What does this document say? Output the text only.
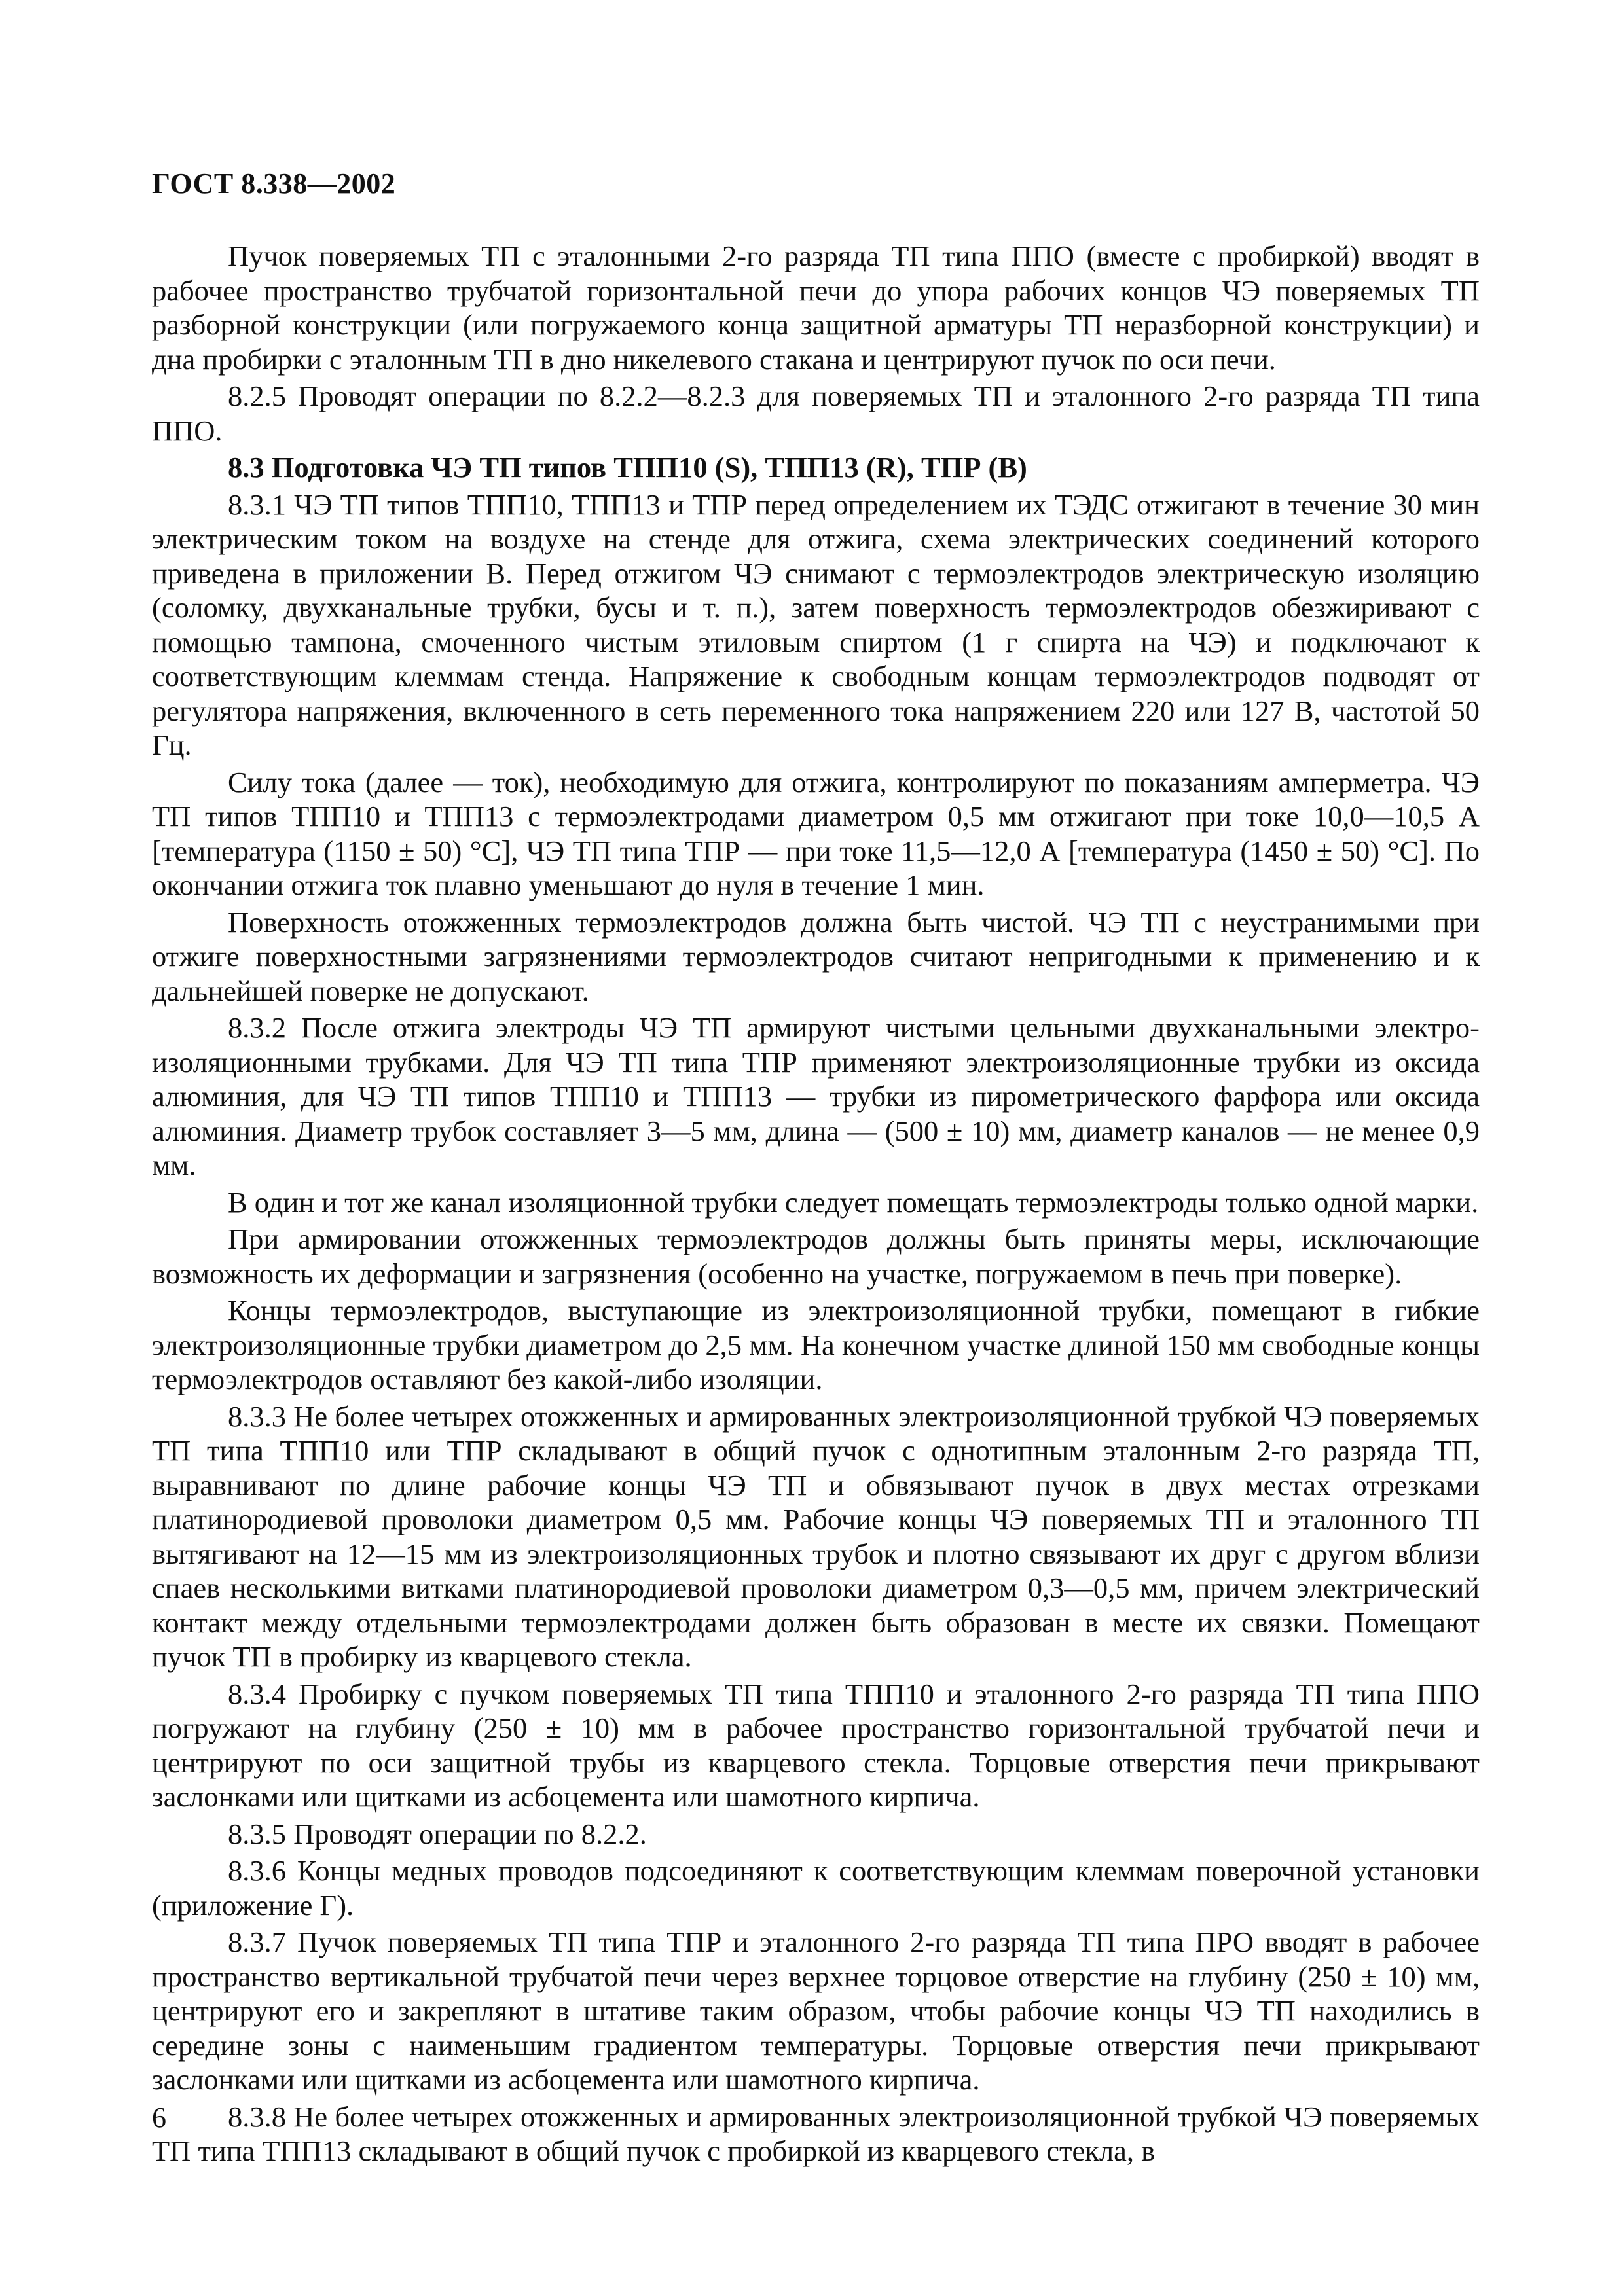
ГОСТ 8.338—2002

Пучок поверяемых ТП с эталонными 2-го разряда ТП типа ППО (вместе с пробиркой) вводят в рабочее пространство трубчатой горизонтальной печи до упора рабочих концов ЧЭ поверяемых ТП разборной конструкции (или погружаемого конца защитной арматуры ТП неразборной конструкции) и дна пробирки с эталонным ТП в дно никелевого стакана и центрируют пучок по оси печи.

8.2.5 Проводят операции по 8.2.2—8.2.3 для поверяемых ТП и эталонного 2-го разряда ТП типа ППО.

8.3 Подготовка ЧЭ ТП типов ТПП10 (S), ТПП13 (R), ТПР (B)

8.3.1 ЧЭ ТП типов ТПП10, ТПП13 и ТПР перед определением их ТЭДС отжигают в течение 30 мин электрическим током на воздухе на стенде для отжига, схема электрических соединений которого приведена в приложении В. Перед отжигом ЧЭ снимают с термоэлектродов электрическую изоляцию (соломку, двухканальные трубки, бусы и т. п.), затем поверхность термоэлектродов обезжиривают с помощью тампона, смоченного чистым этиловым спиртом (1 г спирта на ЧЭ) и подключают к соответствующим клеммам стенда. Напряжение к свободным концам термоэлектродов подводят от регулятора напряжения, включенного в сеть переменного тока напряжением 220 или 127 В, частотой 50 Гц.

Силу тока (далее — ток), необходимую для отжига, контролируют по показаниям амперметра. ЧЭ ТП типов ТПП10 и ТПП13 с термоэлектродами диаметром 0,5 мм отжигают при токе 10,0—10,5 А [температура (1150 ± 50) °С], ЧЭ ТП типа ТПР — при токе 11,5—12,0 А [температура (1450 ± 50) °С]. По окончании отжига ток плавно уменьшают до нуля в течение 1 мин.

Поверхность отожженных термоэлектродов должна быть чистой. ЧЭ ТП с неустранимыми при отжиге поверхностными загрязнениями термоэлектродов считают непригодными к применению и к дальнейшей поверке не допускают.

8.3.2 После отжига электроды ЧЭ ТП армируют чистыми цельными двухканальными электроизоляционными трубками. Для ЧЭ ТП типа ТПР применяют электроизоляционные трубки из оксида алюминия, для ЧЭ ТП типов ТПП10 и ТПП13 — трубки из пирометрического фарфора или оксида алюминия. Диаметр трубок составляет 3—5 мм, длина — (500 ± 10) мм, диаметр каналов — не менее 0,9 мм.

В один и тот же канал изоляционной трубки следует помещать термоэлектроды только одной марки.

При армировании отожженных термоэлектродов должны быть приняты меры, исключающие возможность их деформации и загрязнения (особенно на участке, погружаемом в печь при поверке).

Концы термоэлектродов, выступающие из электроизоляционной трубки, помещают в гибкие электроизоляционные трубки диаметром до 2,5 мм. На конечном участке длиной 150 мм свободные концы термоэлектродов оставляют без какой-либо изоляции.

8.3.3 Не более четырех отожженных и армированных электроизоляционной трубкой ЧЭ поверяемых ТП типа ТПП10 или ТПР складывают в общий пучок с однотипным эталонным 2-го разряда ТП, выравнивают по длине рабочие концы ЧЭ ТП и обвязывают пучок в двух местах отрезками платинородиевой проволоки диаметром 0,5 мм. Рабочие концы ЧЭ поверяемых ТП и эталонного ТП вытягивают на 12—15 мм из электроизоляционных трубок и плотно связывают их друг с другом вблизи спаев несколькими витками платинородиевой проволоки диаметром 0,3—0,5 мм, причем электрический контакт между отдельными термоэлектродами должен быть образован в месте их связки. Помещают пучок ТП в пробирку из кварцевого стекла.

8.3.4 Пробирку с пучком поверяемых ТП типа ТПП10 и эталонного 2-го разряда ТП типа ППО погружают на глубину (250 ± 10) мм в рабочее пространство горизонтальной трубчатой печи и центрируют по оси защитной трубы из кварцевого стекла. Торцовые отверстия печи прикрывают заслонками или щитками из асбоцемента или шамотного кирпича.

8.3.5 Проводят операции по 8.2.2.

8.3.6 Концы медных проводов подсоединяют к соответствующим клеммам поверочной установки (приложение Г).

8.3.7 Пучок поверяемых ТП типа ТПР и эталонного 2-го разряда ТП типа ПРО вводят в рабочее пространство вертикальной трубчатой печи через верхнее торцовое отверстие на глубину (250 ± 10) мм, центрируют его и закрепляют в штативе таким образом, чтобы рабочие концы ЧЭ ТП находились в середине зоны с наименьшим градиентом температуры. Торцовые отверстия печи прикрывают заслонками или щитками из асбоцемента или шамотного кирпича.

8.3.8 Не более четырех отожженных и армированных электроизоляционной трубкой ЧЭ поверяемых ТП типа ТПП13 складывают в общий пучок с пробиркой из кварцевого стекла, в

6
